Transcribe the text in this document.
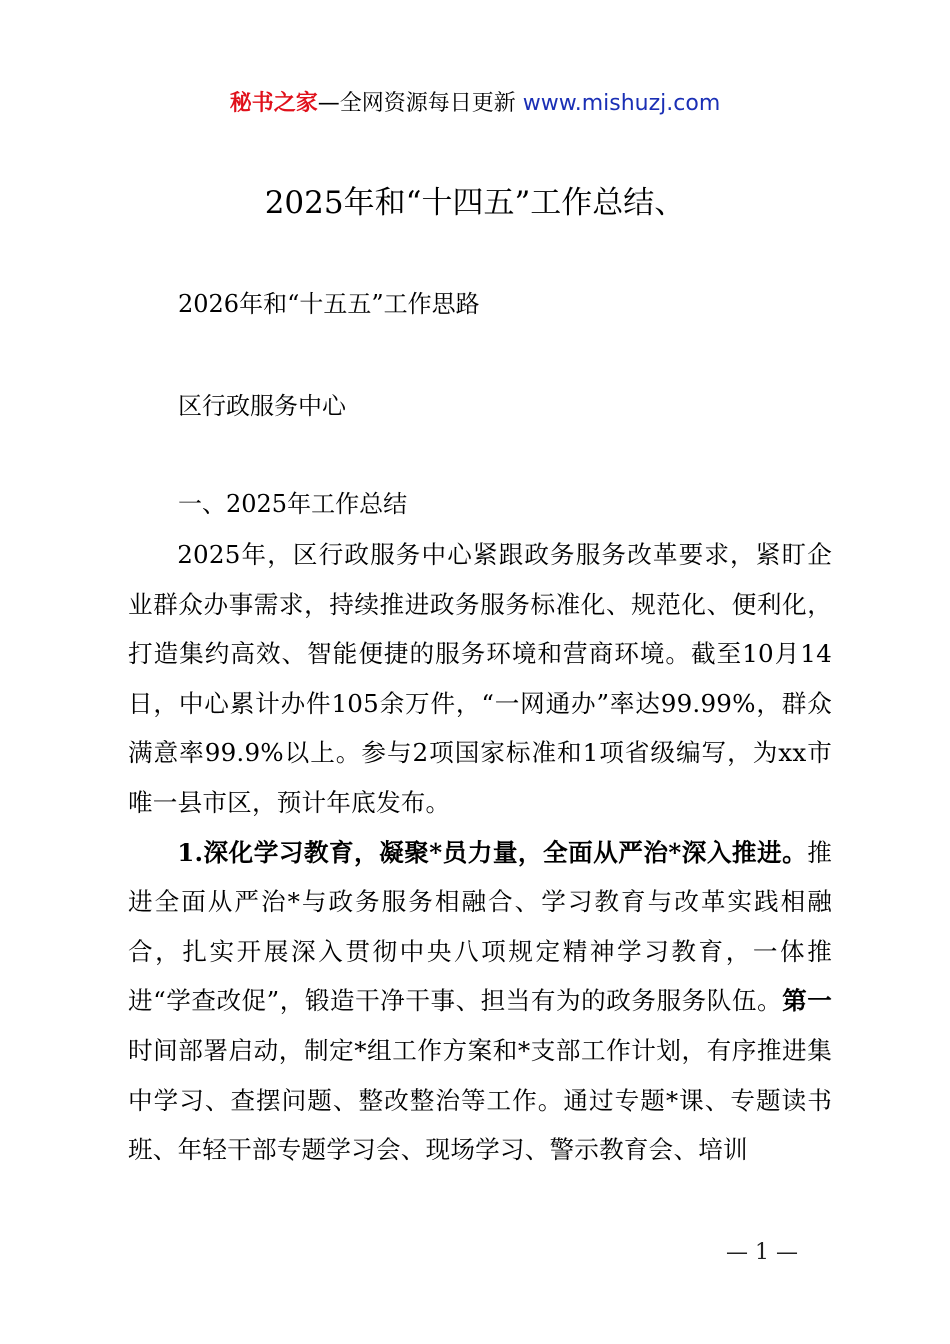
秘书之家—全网资源每日更新 www.mishuzj.com
2025年和“十四五”工作总结、
2026年和“十五五”工作思路
区行政服务中心
一、2025年工作总结

2025年，区行政服务中心紧跟政务服务改革要求，紧盯企业群众办事需求，持续推进政务服务标准化、规范化、便利化，打造集约高效、智能便捷的服务环境和营商环境。截至10月14日，中心累计办件105余万件，“一网通办”率达99.99%，群众满意率99.9%以上。参与2项国家标准和1项省级编写，为xx市唯一县市区，预计年底发布。

1.深化学习教育，凝聚*员力量，全面从严治*深入推进。推进全面从严治*与政务服务相融合、学习教育与改革实践相融合，扎实开展深入贯彻中央八项规定精神学习教育，一体推进“学查改促”，锻造干净干事、担当有为的政务服务队伍。第一时间部署启动，制定*组工作方案和*支部工作计划，有序推进集中学习、查摆问题、整改整治等工作。通过专题*课、专题读书班、年轻干部专题学习会、现场学习、警示教育会、培训

— 1 —
